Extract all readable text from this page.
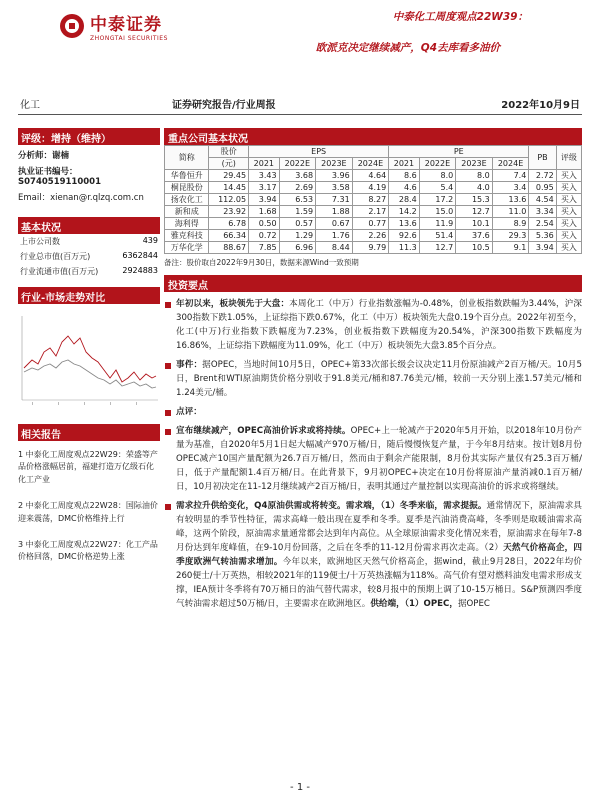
中泰证券
ZHONGTAI SECURITIES
中泰化工周度观点22W39：
欧派克决定继续减产，Q4去库看多油价
化工	证券研究报告/行业周报	2022年10月9日
评级：增持（维持）
分析师：谢楠
执业证书编号：S0740519110001
Email：xienan@r.qlzq.com.cn
基本状况
上市公司数	439
行业总市值(百万元)	6362844
行业流通市值(百万元)	2924883
行业-市场走势对比
相关报告
1 中泰化工周度观点22W29：荣盛等产品价格涨幅居前，福建打造万亿级石化化工产业
2 中泰化工周度观点22W28：国际油价迎来震荡，DMC价格维持上行
3 中泰化工周度观点22W27：化工产品价格回落，DMC价格逆势上涨
重点公司基本状况
简称	股价	EPS				PE				PB	评级
	(元)	2021	2022E	2023E	2024E	2021	2022E	2023E	2024E		
华鲁恒升	29.45	3.43	3.68	3.96	4.64	8.6	8.0	8.0	7.4	2.72	买入
桐昆股份	14.45	3.17	2.69	3.58	4.19	4.6	5.4	4.0	3.4	0.95	买入
扬农化工	112.05	3.94	6.53	7.31	8.27	28.4	17.2	15.3	13.6	4.54	买入
新和成	23.92	1.68	1.59	1.88	2.17	14.2	15.0	12.7	11.0	3.34	买入
海利得	6.78	0.50	0.57	0.67	0.77	13.6	11.9	10.1	8.9	2.54	买入
雅克科技	66.34	0.72	1.29	1.76	2.26	92.6	51.4	37.6	29.3	5.36	买入
万华化学	88.67	7.85	6.96	8.44	9.79	11.3	12.7	10.5	9.1	3.94	买入
备注：股价取自2022年9月30日，数据来源Wind一致预期
投资要点
年初以来，板块领先于大盘：本周化工（中万）行业指数涨幅为-0.48%，创业板指数跌幅为3.44%，沪深300指数下跌1.05%，上证综指下跌0.67%，化工（中万）板块领先大盘0.19个百分点。2022年初至今，化工(中万)行业指数下跌幅度为7.23%，创业板指数下跌幅度为20.54%，沪深300指数下跌幅度为16.86%，上证综指下跌幅度为11.09%，化工（中万）板块领先大盘3.85个百分点。
事件：据OPEC，当地时间10月5日，OPEC+第33次部长级会议决定11月份原油减产2百万桶/天。10月5日，Brent和WTI原油期货价格分别收于91.8美元/桶和87.76美元/桶，较前一天分别上涨1.57美元/桶和1.24美元/桶。
点评：
宣布继续减产，OPEC高油价诉求或将持续。OPEC+上一轮减产于2020年5月开始，以2018年10月份产量为基准，自2020年5月1日起大幅减产970万桶/日，随后慢慢恢复产量，于今年8月结束。按计划8月份OPEC减产10国产量配额为26.7百万桶/日，然而由于剩余产能限制，8月份其实际产量仅有25.3百万桶/日，低于产量配额1.4百万桶/日。在此背景下，9月初OPEC+决定在10月份将原油产量消减0.1百万桶/日，10月初决定在11-12月继续减产2百万桶/日，表明其通过产量控制以实现高油价的诉求或将继续。
需求拉升供给变化，Q4原油供需或将转变。需求端，（1）冬季来临，需求提振。通常情况下，原油需求具有较明显的季节性特征，需求高峰一般出现在夏季和冬季。夏季是汽油消费高峰，冬季则是取暖油需求高峰，这两个阶段，原油需求量通常都会达到年内高位。从全球原油需求变化情况来看，原油需求在每年7-8月份达到年度峰值，在9-10月份回落，之后在冬季的11-12月份需求再次走高。（2）天然气价格高企，四季度欧洲气转油需求增加。今年以来，欧洲地区天然气价格高企，据wind，截止9月28日，2022年均价260便士/十万英热，相较2021年的119便士/十万英热涨幅为118%。高气价有望对燃料油发电需求形成支撑，IEA预计冬季将有70万桶日的油气替代需求，较8月报中的预期上调了10-15万桶日。S&P预测四季度气转油需求超过50万桶/日，主要需求在欧洲地区。供给端，（1）OPEC，据OPEC
- 1 -
